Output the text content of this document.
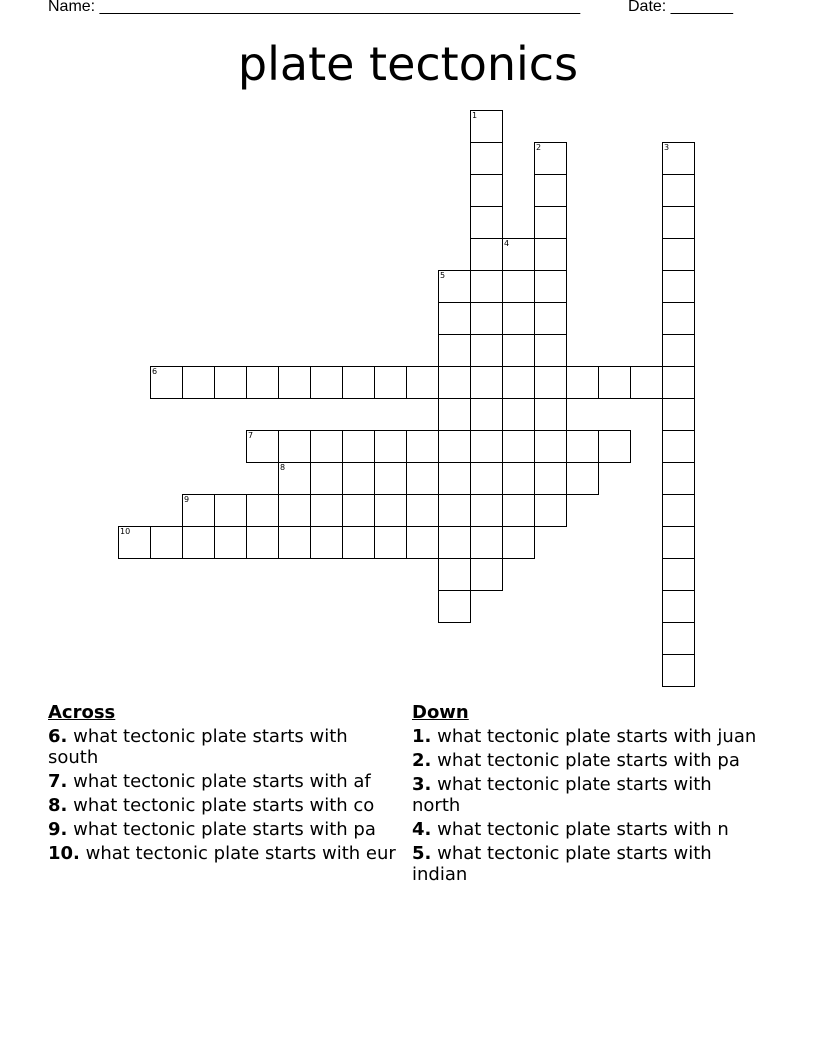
Name: ______________________________________________________	Date: _______
plate tectonics
1
2	3
4
5
6
7
8
9
10
Across
6. what tectonic plate starts with south
7. what tectonic plate starts with af
8. what tectonic plate starts with co
9. what tectonic plate starts with pa
10. what tectonic plate starts with eur
Down
1. what tectonic plate starts with juan
2. what tectonic plate starts with pa
3. what tectonic plate starts with north
4. what tectonic plate starts with n
5. what tectonic plate starts with indian
